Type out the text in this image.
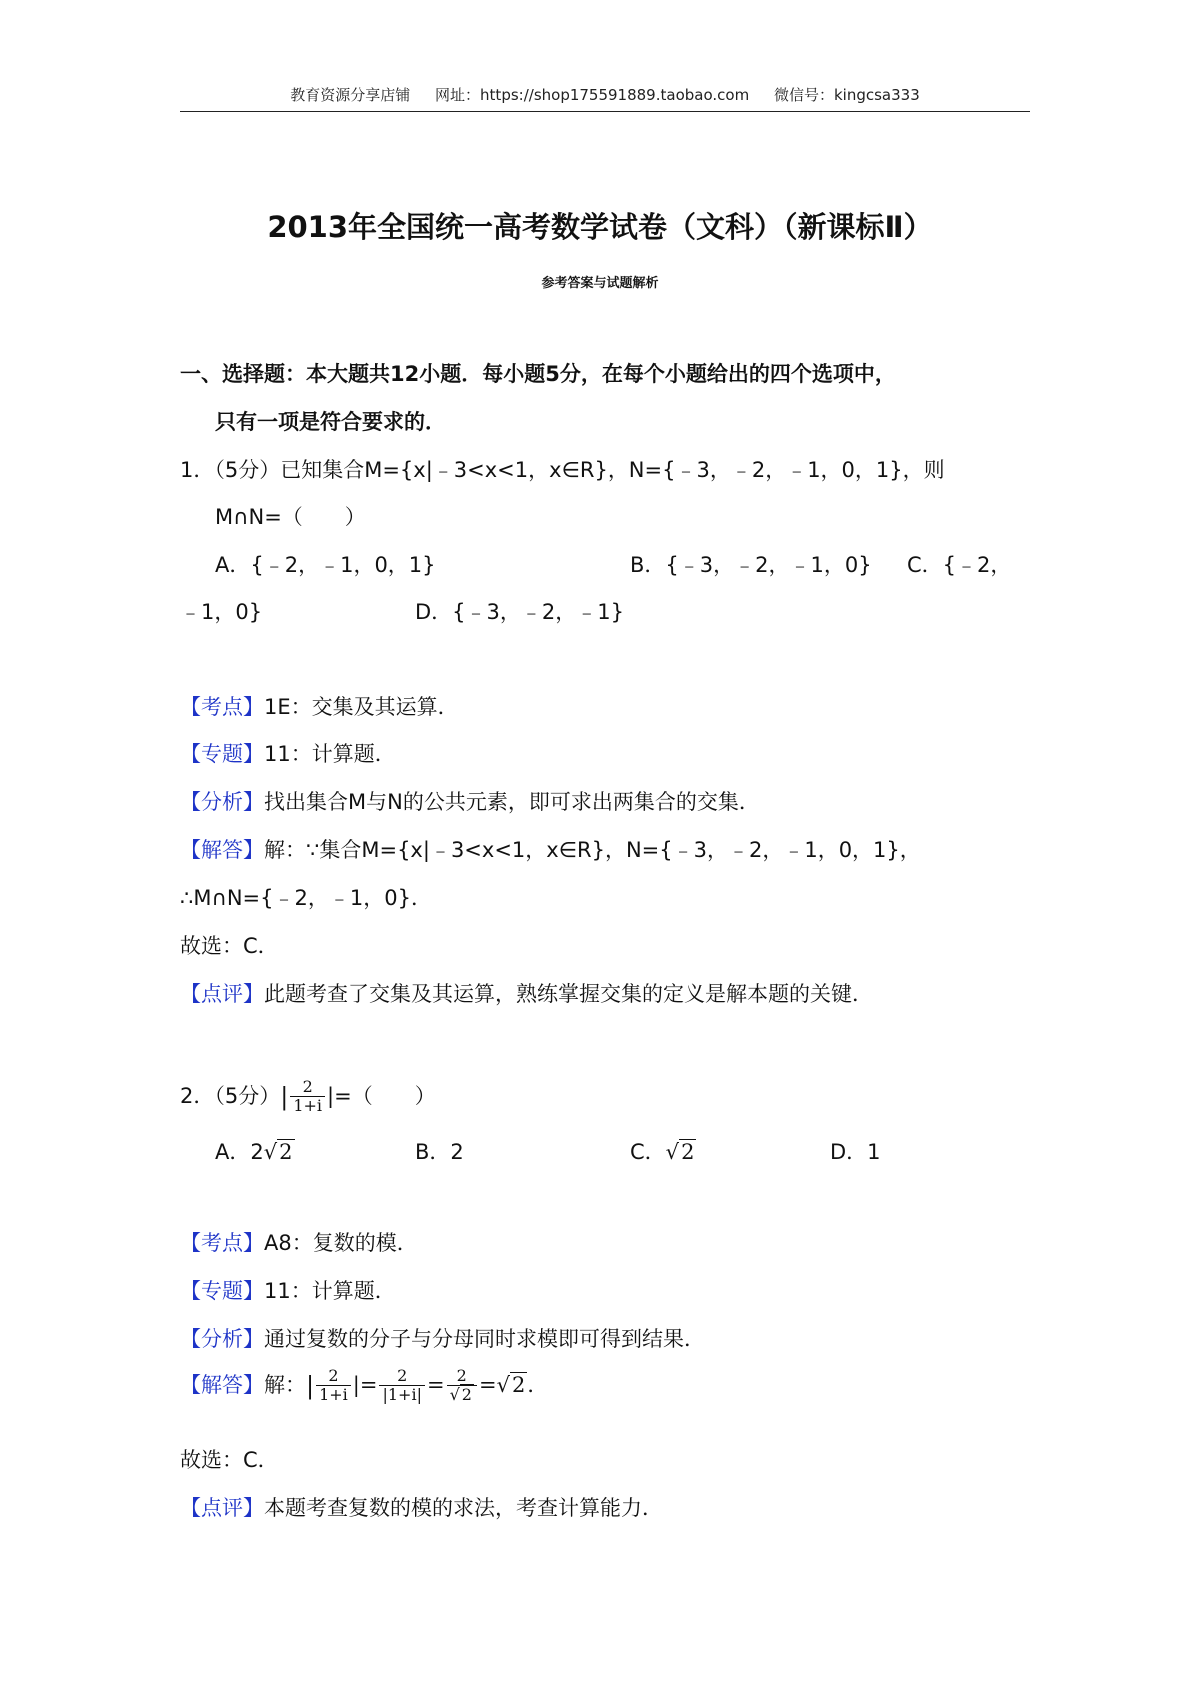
教育资源分享店铺 网址：https://shop175591889.taobao.com 微信号：kingcsa333
2013年全国统一高考数学试卷（文科）（新课标Ⅱ）
参考答案与试题解析
一、选择题：本大题共12小题．每小题5分，在每个小题给出的四个选项中，
只有一项是符合要求的．
1．（5分）已知集合M={x|﹣3<x<1，x∈R}，N={﹣3，﹣2，﹣1，0，1}，则
M∩N=（　　）
A．{﹣2，﹣1，0，1}	B．{﹣3，﹣2，﹣1，0} C．{﹣2，
﹣1，0}	D．{﹣3，﹣2，﹣1}
【考点】1E：交集及其运算．
【专题】11：计算题．
【分析】找出集合M与N的公共元素，即可求出两集合的交集．
【解答】解：∵集合M={x|﹣3<x<1，x∈R}，N={﹣3，﹣2，﹣1，0，1}，
∴M∩N={﹣2，﹣1，0}．
故选：C．
【点评】此题考查了交集及其运算，熟练掌握交集的定义是解本题的关键．
2．（5分） | $\frac{2}{1+i}$ |=（　　）
A．2√2	B．2	C．√2	D．1
【考点】A8：复数的模．
【专题】11：计算题．
【分析】通过复数的分子与分母同时求模即可得到结果．
【解答】 解： | $\frac{2}{1+i}$ |= $\frac{2}{|1+i|} = \frac{2}{√ 2} = √2$ ．
故选：C．
【点评】本题考查复数的模的求法，考查计算能力．
